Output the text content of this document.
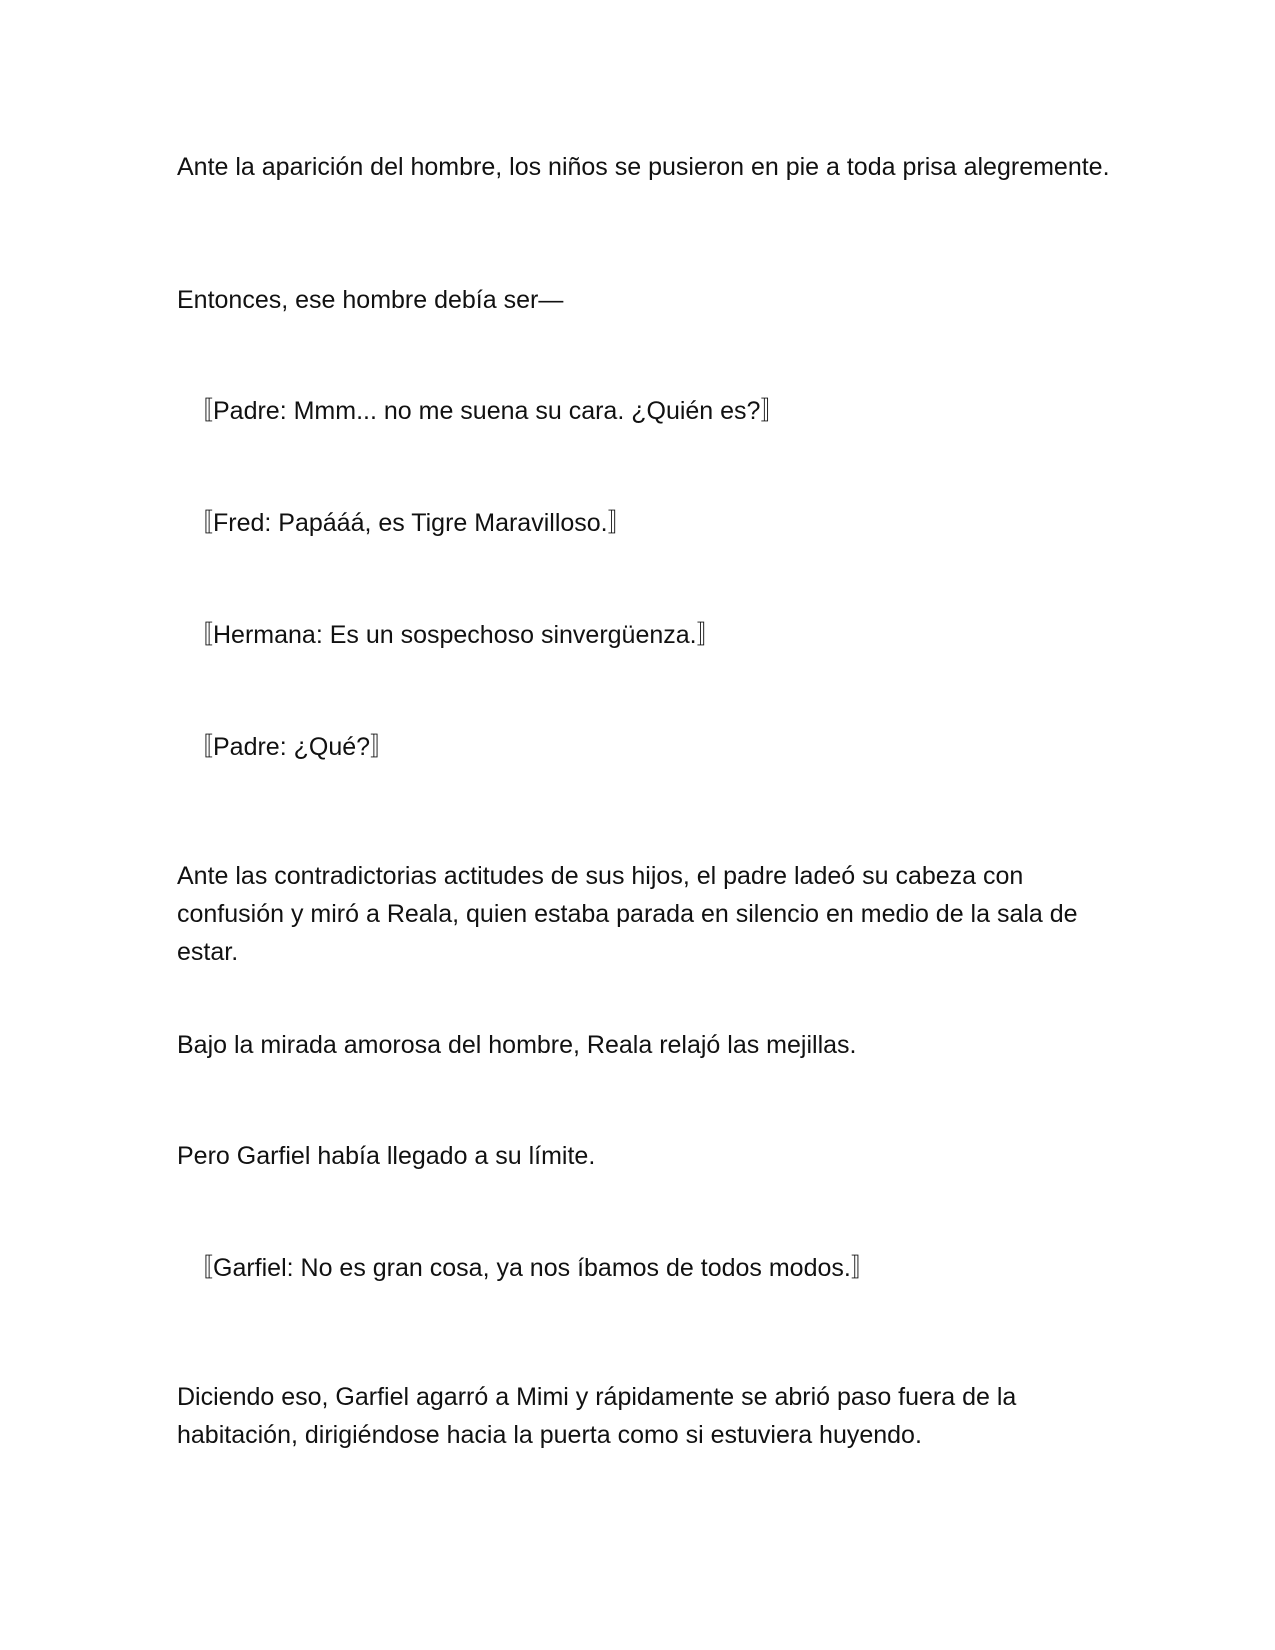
Ante la aparición del hombre, los niños se pusieron en pie a toda prisa alegremente.

Entonces, ese hombre debía ser—

〚Padre: Mmm... no me suena su cara. ¿Quién es?〛

〚Fred: Papááá, es Tigre Maravilloso.〛

〚Hermana: Es un sospechoso sinvergüenza.〛

〚Padre: ¿Qué?〛

Ante las contradictorias actitudes de sus hijos, el padre ladeó su cabeza con confusión y miró a Reala, quien estaba parada en silencio en medio de la sala de estar.

Bajo la mirada amorosa del hombre, Reala relajó las mejillas.

Pero Garfiel había llegado a su límite.

〚Garfiel: No es gran cosa, ya nos íbamos de todos modos.〛

Diciendo eso, Garfiel agarró a Mimi y rápidamente se abrió paso fuera de la habitación, dirigiéndose hacia la puerta como si estuviera huyendo.
